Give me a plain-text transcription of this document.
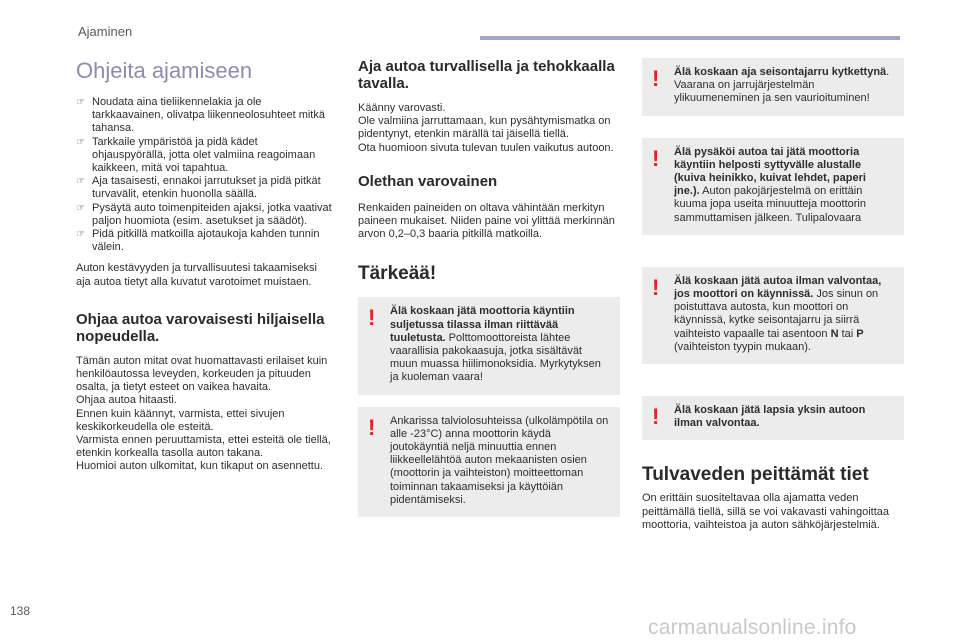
Ajaminen
Ohjeita ajamiseen
☞ Noudata aina tieliikennelakia ja ole tarkkaavainen, olivatpa liikenneolosuhteet mitkä tahansa.
☞ Tarkkaile ympäristöä ja pidä kädet ohjauspyörällä, jotta olet valmiina reagoimaan kaikkeen, mitä voi tapahtua.
☞ Aja tasaisesti, ennakoi jarrutukset ja pidä pitkät turvavälit, etenkin huonolla säällä.
☞ Pysäytä auto toimenpiteiden ajaksi, jotka vaativat paljon huomiota (esim. asetukset ja säädöt).
☞ Pidä pitkillä matkoilla ajotaukoja kahden tunnin välein.

Auton kestävyyden ja turvallisuutesi takaamiseksi aja autoa tietyt alla kuvatut varotoimet muistaen.

Ohjaa autoa varovaisesti hiljaisella nopeudella.

Tämän auton mitat ovat huomattavasti erilaiset kuin henkilöautossa leveyden, korkeuden ja pituuden osalta, ja tietyt esteet on vaikea havaita.
Ohjaa autoa hitaasti.
Ennen kuin käännyt, varmista, ettei sivujen keskikorkeudella ole esteitä.
Varmista ennen peruuttamista, ettei esteitä ole tiellä, etenkin korkealla tasolla auton takana.
Huomioi auton ulkomitat, kun tikaput on asennettu.

Aja autoa turvallisella ja tehokkaalla tavalla.

Käänny varovasti.
Ole valmiina jarruttamaan, kun pysähtymismatka on pidentynyt, etenkin märällä tai jäisellä tiellä.
Ota huomioon sivuta tulevan tuulen vaikutus autoon.

Olethan varovainen

Renkaiden paineiden on oltava vähintään merkityn paineen mukaiset. Niiden paine voi ylittää merkinnän arvon 0,2–0,3 baaria pitkillä matkoilla.

Tärkeää!
! Älä koskaan jätä moottoria käyntiin suljetussa tilassa ilman riittävää tuuletusta. Polttomoottoreista lähtee vaarallisia pakokaasuja, jotka sisältävät muun muassa hiilimonoksidia. Myrkytyksen ja kuoleman vaara!
! Ankarissa talviolosuhteissa (ulkolämpötila on alle -23°C) anna moottorin käydä joutokäyntiä neljä minuuttia ennen liikkeellelähtöä auton mekaanisten osien (moottorin ja vaihteiston) moitteettoman toiminnan takaamiseksi ja käyttöiän pidentämiseksi.
! Älä koskaan aja seisontajarru kytkettynä. Vaarana on jarrujärjestelmän ylikuumeneminen ja sen vaurioituminen!
! Älä pysäköi autoa tai jätä moottoria käyntiin helposti syttyvälle alustalle (kuiva heinikko, kuivat lehdet, paperi jne.). Auton pakojärjestelmä on erittäin kuuma jopa useita minuutteja moottorin sammuttamisen jälkeen. Tulipalovaara
! Älä koskaan jätä autoa ilman valvontaa, jos moottori on käynnissä. Jos sinun on poistuttava autosta, kun moottori on käynnissä, kytke seisontajarru ja siirrä vaihteisto vapaalle tai asentoon N tai P (vaihteiston tyypin mukaan).
! Älä koskaan jätä lapsia yksin autoon ilman valvontaa.
Tulvaveden peittämät tiet

On erittäin suositeltavaa olla ajamatta veden peittämällä tiellä, sillä se voi vakavasti vahingoittaa moottoria, vaihteistoa ja auton sähköjärjestelmiä.

138
carmanualsonline.info
